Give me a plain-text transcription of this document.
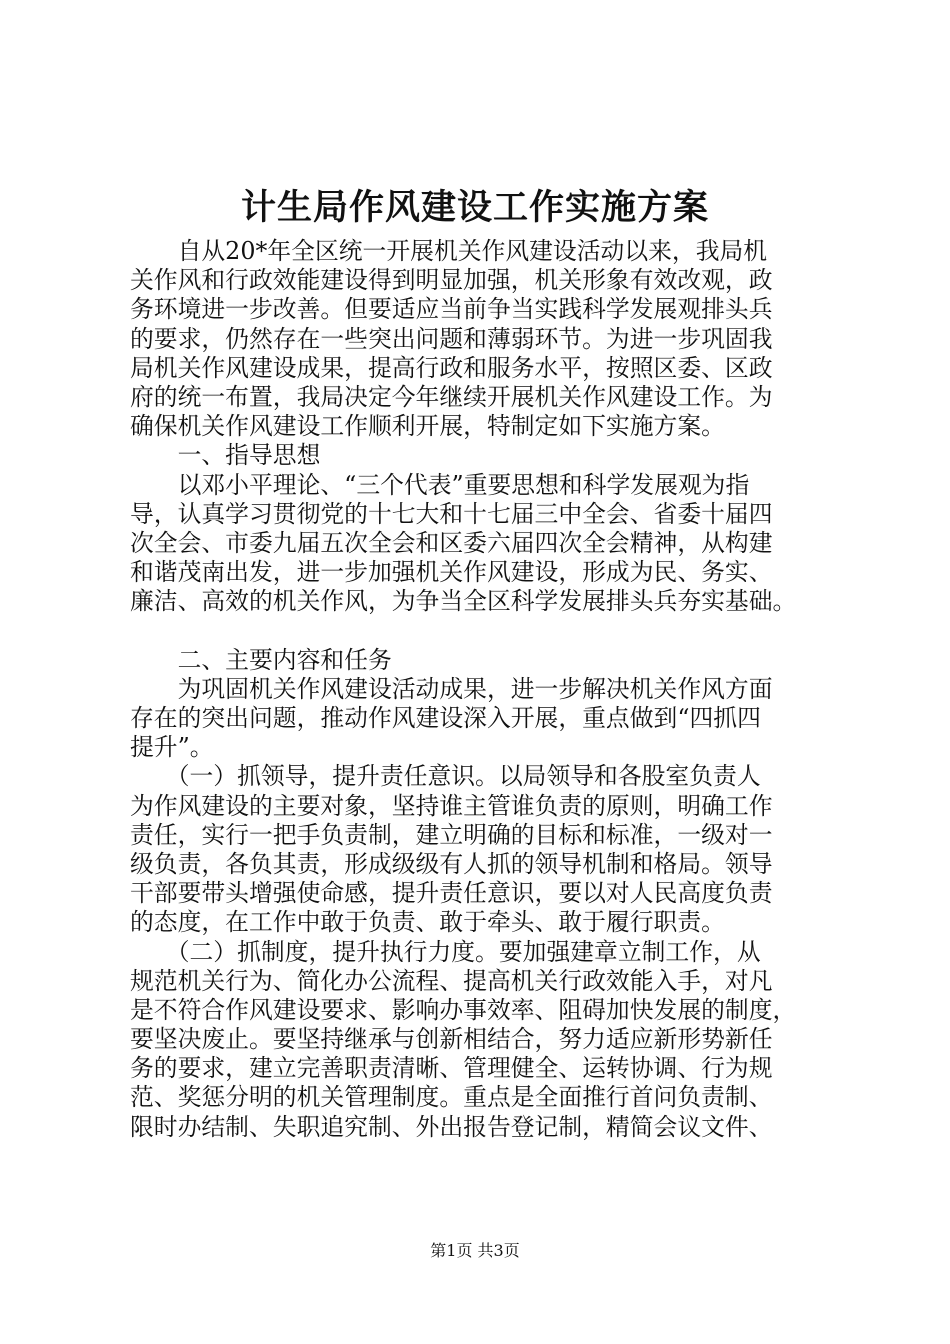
计生局作风建设工作实施方案
　　自从20*年全区统一开展机关作风建设活动以来，我局机
关作风和行政效能建设得到明显加强，机关形象有效改观，政
务环境进一步改善。但要适应当前争当实践科学发展观排头兵
的要求，仍然存在一些突出问题和薄弱环节。为进一步巩固我
局机关作风建设成果，提高行政和服务水平，按照区委、区政
府的统一布置，我局决定今年继续开展机关作风建设工作。为
确保机关作风建设工作顺利开展，特制定如下实施方案。
　　一、指导思想
　　以邓小平理论、“三个代表”重要思想和科学发展观为指
导，认真学习贯彻党的十七大和十七届三中全会、省委十届四
次全会、市委九届五次全会和区委六届四次全会精神，从构建
和谐茂南出发，进一步加强机关作风建设，形成为民、务实、
廉洁、高效的机关作风，为争当全区科学发展排头兵夯实基础。
　　二、主要内容和任务
　　为巩固机关作风建设活动成果，进一步解决机关作风方面
存在的突出问题，推动作风建设深入开展，重点做到“四抓四
提升”。
　　（一）抓领导，提升责任意识。以局领导和各股室负责人
为作风建设的主要对象，坚持谁主管谁负责的原则，明确工作
责任，实行一把手负责制，建立明确的目标和标准，一级对一
级负责，各负其责，形成级级有人抓的领导机制和格局。领导
干部要带头增强使命感，提升责任意识，要以对人民高度负责
的态度，在工作中敢于负责、敢于牵头、敢于履行职责。
　　（二）抓制度，提升执行力度。要加强建章立制工作，从
规范机关行为、简化办公流程、提高机关行政效能入手，对凡
是不符合作风建设要求、影响办事效率、阻碍加快发展的制度，
要坚决废止。要坚持继承与创新相结合，努力适应新形势新任
务的要求，建立完善职责清晰、管理健全、运转协调、行为规
范、奖惩分明的机关管理制度。重点是全面推行首问负责制、
限时办结制、失职追究制、外出报告登记制，精简会议文件、
第1页 共3页
